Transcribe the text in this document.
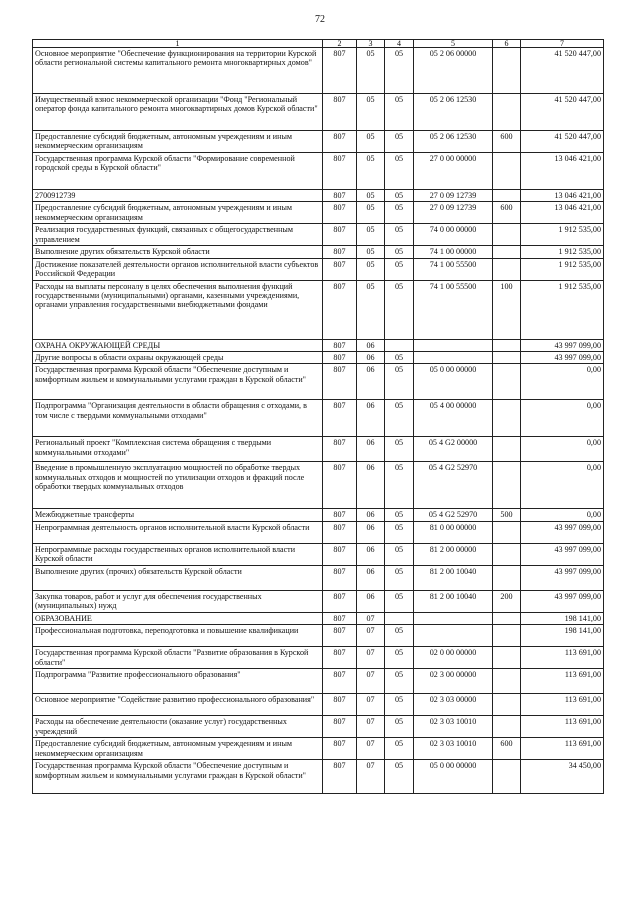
72
1	2	3	4	5	6	7
Основное мероприятие "Обеспечение функционирования на территории Курской области региональной системы капитального ремонта многоквартирных домов"	807	05	05	05 2 06 00000		41 520 447,00
Имущественный взнос некоммерческой организации "Фонд "Региональный оператор фонда капитального ремонта многоквартирных домов Курской области"	807	05	05	05 2 06 12530		41 520 447,00
Предоставление субсидий бюджетным, автономным учреждениям и иным некоммерческим организациям	807	05	05	05 2 06 12530	600	41 520 447,00
Государственная программа Курской области "Формирование современной городской среды в Курской области"	807	05	05	27 0 00 00000		13 046 421,00
2700912739	807	05	05	27 0 09 12739		13 046 421,00
Предоставление субсидий бюджетным, автономным учреждениям и иным некоммерческим организациям	807	05	05	27 0 09 12739	600	13 046 421,00
Реализация государственных функций, связанных с общегосударственным управлением	807	05	05	74 0 00 00000		1 912 535,00
Выполнение других обязательств Курской области	807	05	05	74 1 00 00000		1 912 535,00
Достижение показателей деятельности органов исполнительной власти субъектов Российской Федерации	807	05	05	74 1 00 55500		1 912 535,00
Расходы на выплаты персоналу в целях обеспечения выполнения функций государственными (муниципальными) органами, казенными учреждениями, органами управления государственными внебюджетными фондами	807	05	05	74 1 00 55500	100	1 912 535,00
ОХРАНА ОКРУЖАЮЩЕЙ СРЕДЫ	807	06				43 997 099,00
Другие вопросы в области охраны окружающей среды	807	06	05			43 997 099,00
Государственная программа Курской области "Обеспечение доступным и комфортным жильем и коммунальными услугами граждан в Курской области"	807	06	05	05 0 00 00000		0,00
Подпрограмма "Организация деятельности в области обращения с отходами, в том числе с твердыми коммунальными отходами"	807	06	05	05 4 00 00000		0,00
Региональный проект "Комплексная система обращения с твердыми коммунальными отходами"	807	06	05	05 4 G2 00000		0,00
Введение в промышленную эксплуатацию мощностей по обработке твердых коммунальных отходов и мощностей по утилизации отходов и фракций после обработки твердых коммунальных отходов	807	06	05	05 4 G2 52970		0,00
Межбюджетные трансферты	807	06	05	05 4 G2 52970	500	0,00
Непрограммная деятельность органов исполнительной власти Курской области	807	06	05	81 0 00 00000		43 997 099,00
Непрограммные расходы государственных органов исполнительной власти Курской области	807	06	05	81 2 00 00000		43 997 099,00
Выполнение других (прочих) обязательств Курской области	807	06	05	81 2 00 10040		43 997 099,00
Закупка товаров, работ и услуг для обеспечения государственных (муниципальных) нужд	807	06	05	81 2 00 10040	200	43 997 099,00
ОБРАЗОВАНИЕ	807	07				198 141,00
Профессиональная подготовка, переподготовка и повышение квалификации	807	07	05			198 141,00
Государственная программа Курской области "Развитие образования в Курской области"	807	07	05	02 0 00 00000		113 691,00
Подпрограмма "Развитие профессионального образования"	807	07	05	02 3 00 00000		113 691,00
Основное мероприятие "Содействие развитию профессионального образования"	807	07	05	02 3 03 00000		113 691,00
Расходы на обеспечение деятельности (оказание услуг) государственных учреждений	807	07	05	02 3 03 10010		113 691,00
Предоставление субсидий бюджетным, автономным учреждениям и иным некоммерческим организациям	807	07	05	02 3 03 10010	600	113 691,00
Государственная программа Курской области "Обеспечение доступным и комфортным жильем и коммунальными услугами граждан в Курской области"	807	07	05	05 0 00 00000		34 450,00
